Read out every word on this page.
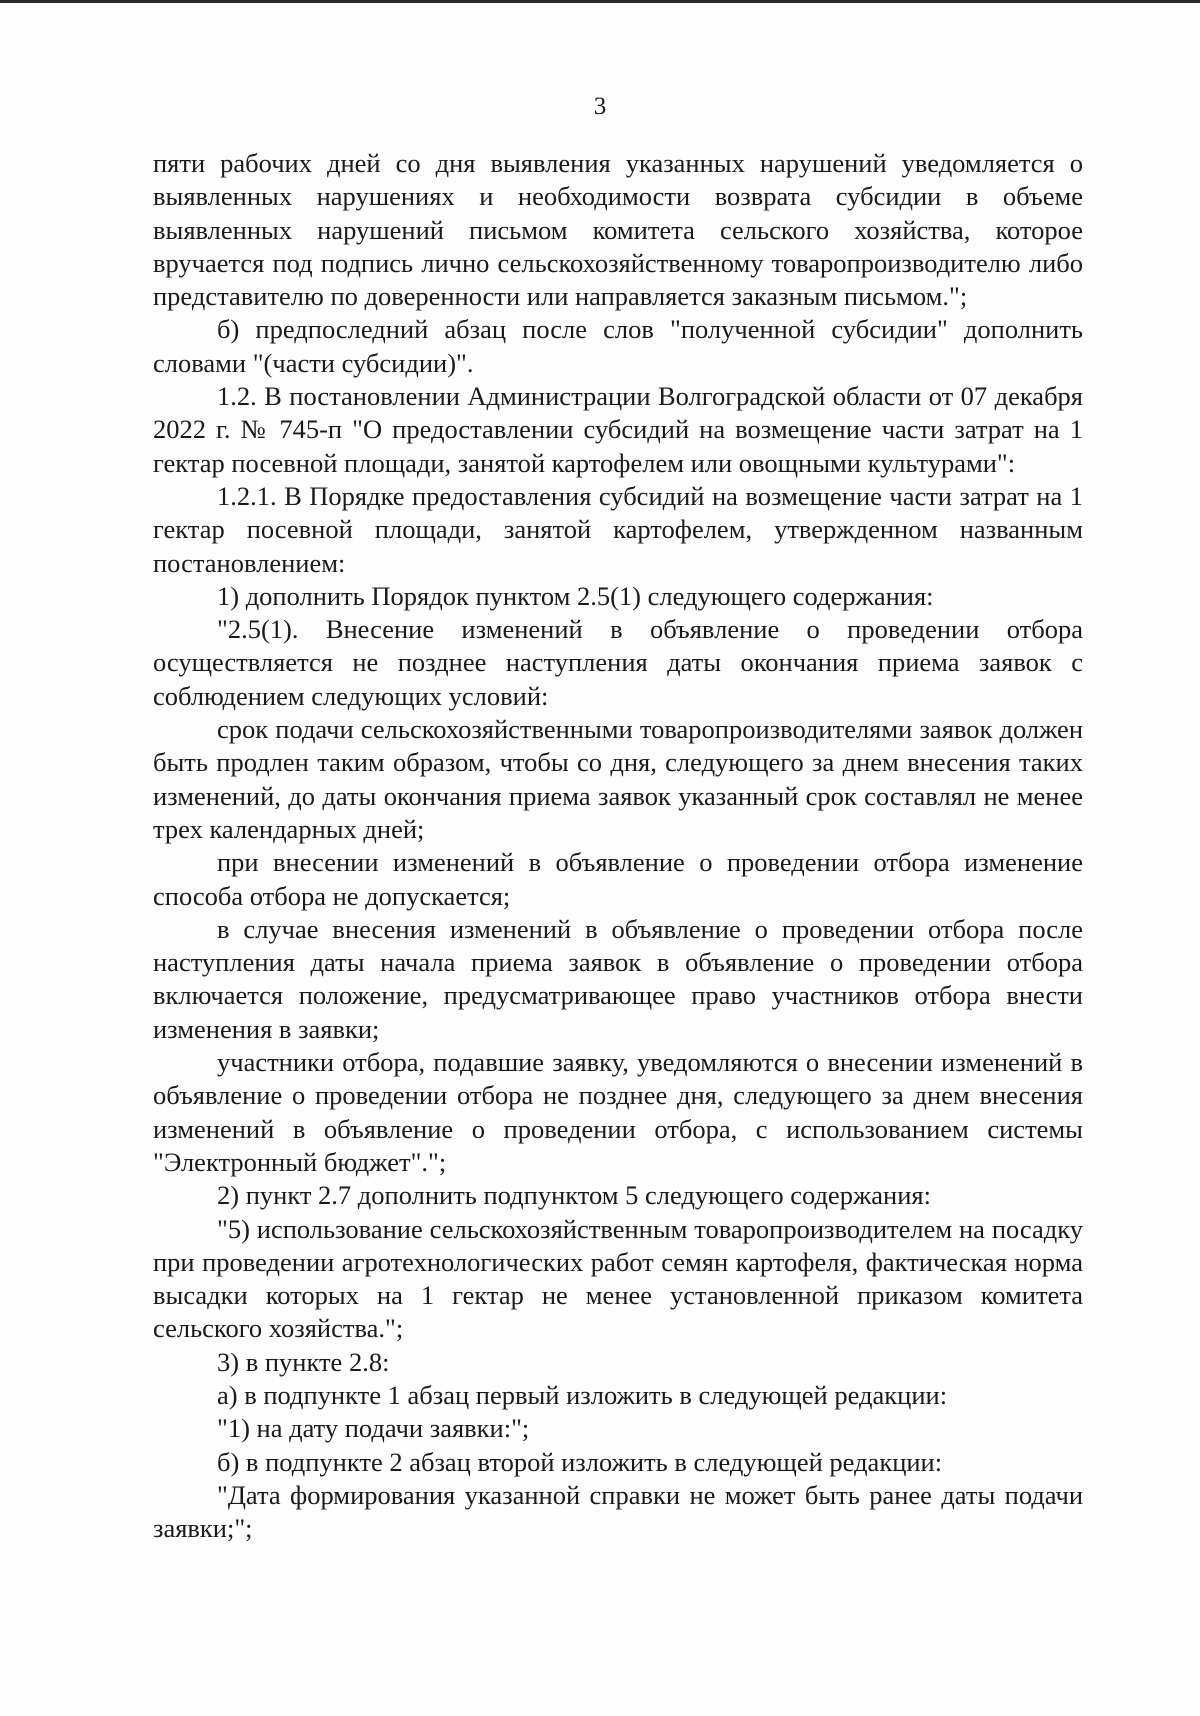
3

пяти рабочих дней со дня выявления указанных нарушений уведомляется о выявленных нарушениях и необходимости возврата субсидии в объеме выявленных нарушений письмом комитета сельского хозяйства, которое вручается под подпись лично сельскохозяйственному товаропроизводителю либо представителю по доверенности или направляется заказным письмом.";

б) предпоследний абзац после слов "полученной субсидии" дополнить словами "(части субсидии)".

1.2. В постановлении Администрации Волгоградской области от 07 декабря 2022 г. № 745-п "О предоставлении субсидий на возмещение части затрат на 1 гектар посевной площади, занятой картофелем или овощными культурами":

1.2.1. В Порядке предоставления субсидий на возмещение части затрат на 1 гектар посевной площади, занятой картофелем, утвержденном названным постановлением:

1) дополнить Порядок пунктом 2.5(1) следующего содержания:

"2.5(1). Внесение изменений в объявление о проведении отбора осуществляется не позднее наступления даты окончания приема заявок с соблюдением следующих условий:

срок подачи сельскохозяйственными товаропроизводителями заявок должен быть продлен таким образом, чтобы со дня, следующего за днем внесения таких изменений, до даты окончания приема заявок указанный срок составлял не менее трех календарных дней;

при внесении изменений в объявление о проведении отбора изменение способа отбора не допускается;

в случае внесения изменений в объявление о проведении отбора после наступления даты начала приема заявок в объявление о проведении отбора включается положение, предусматривающее право участников отбора внести изменения в заявки;

участники отбора, подавшие заявку, уведомляются о внесении изменений в объявление о проведении отбора не позднее дня, следующего за днем внесения изменений в объявление о проведении отбора, с использованием системы "Электронный бюджет".";

2) пункт 2.7 дополнить подпунктом 5 следующего содержания:

"5) использование сельскохозяйственным товаропроизводителем на посадку при проведении агротехнологических работ семян картофеля, фактическая норма высадки которых на 1 гектар не менее установленной приказом комитета сельского хозяйства.";

3) в пункте 2.8:

а) в подпункте 1 абзац первый изложить в следующей редакции:

"1) на дату подачи заявки:";

б) в подпункте 2 абзац второй изложить в следующей редакции:

"Дата формирования указанной справки не может быть ранее даты подачи заявки;";
